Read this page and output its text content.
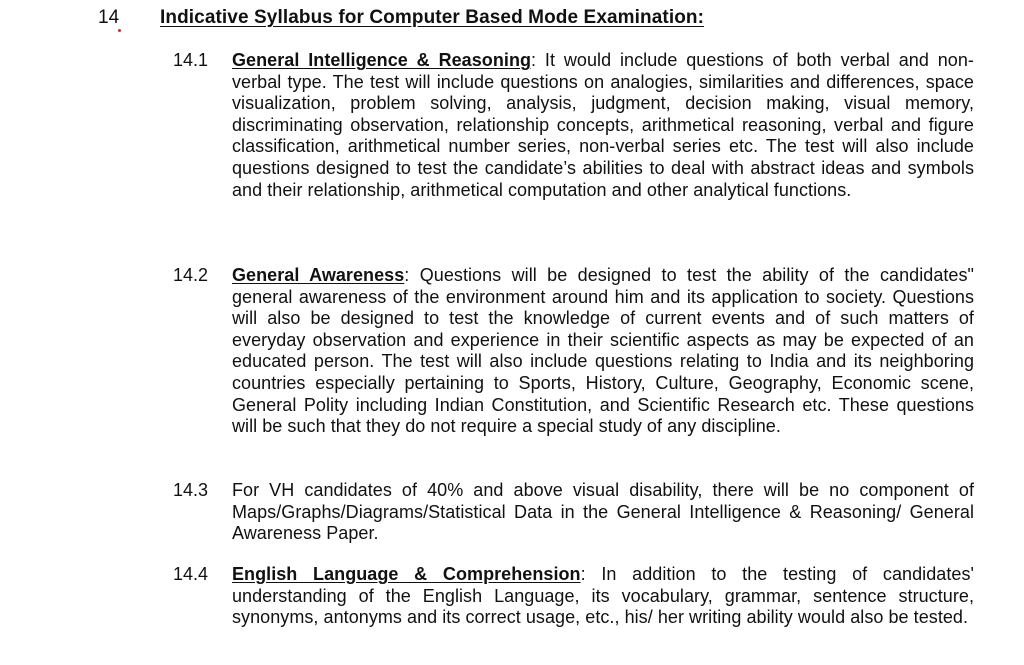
14 Indicative Syllabus for Computer Based Mode Examination:
14.1 General Intelligence & Reasoning: It would include questions of both verbal and non-verbal type. The test will include questions on analogies, similarities and differences, space visualization, problem solving, analysis, judgment, decision making, visual memory, discriminating observation, relationship concepts, arithmetical reasoning, verbal and figure classification, arithmetical number series, non-verbal series etc. The test will also include questions designed to test the candidate’s abilities to deal with abstract ideas and symbols and their relationship, arithmetical computation and other analytical functions.
14.2 General Awareness: Questions will be designed to test the ability of the candidates" general awareness of the environment around him and its application to society. Questions will also be designed to test the knowledge of current events and of such matters of everyday observation and experience in their scientific aspects as may be expected of an educated person. The test will also include questions relating to India and its neighboring countries especially pertaining to Sports, History, Culture, Geography, Economic scene, General Polity including Indian Constitution, and Scientific Research etc. These questions will be such that they do not require a special study of any discipline.
14.3 For VH candidates of 40% and above visual disability, there will be no component of Maps/Graphs/Diagrams/Statistical Data in the General Intelligence & Reasoning/ General Awareness Paper.
14.4 English Language & Comprehension: In addition to the testing of candidates' understanding of the English Language, its vocabulary, grammar, sentence structure, synonyms, antonyms and its correct usage, etc., his/ her writing ability would also be tested.
